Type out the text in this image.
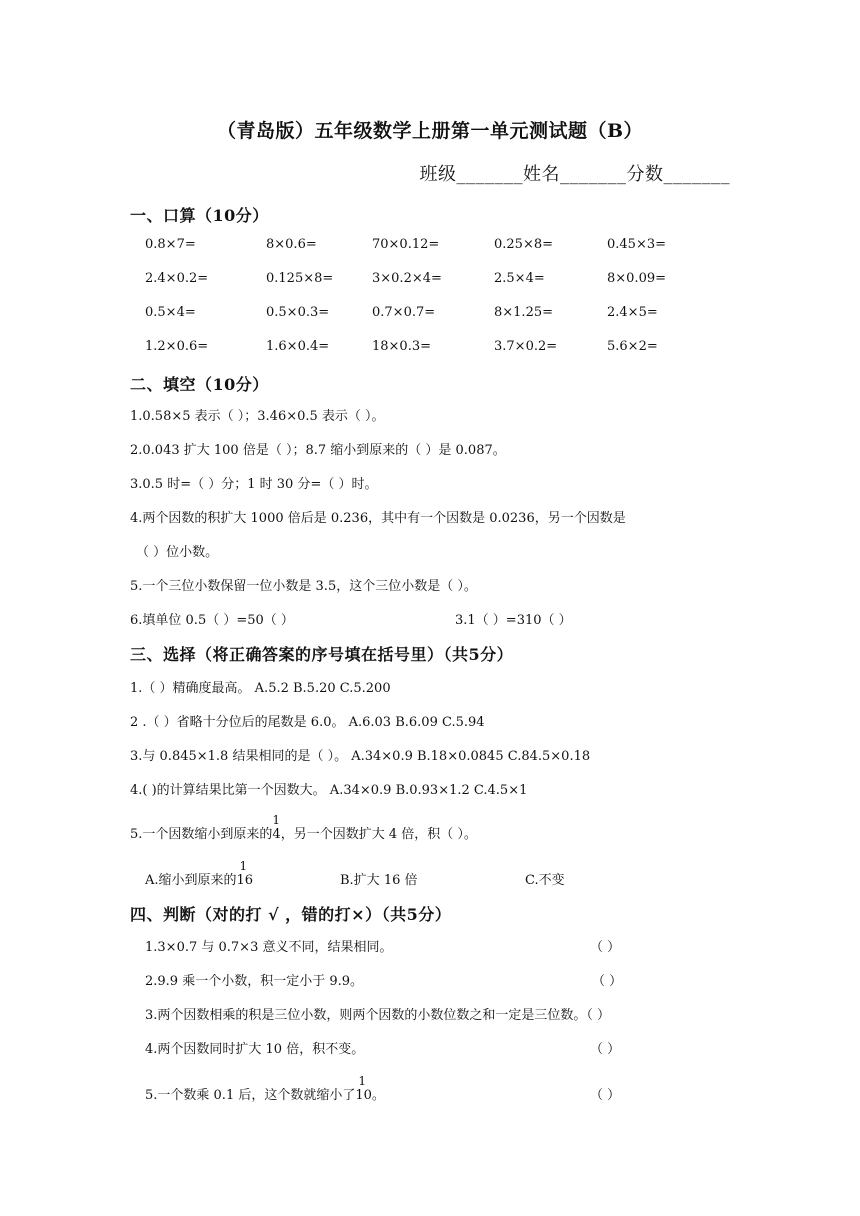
（青岛版）五年级数学上册第一单元测试题（B）
班级_______姓名_______分数_______
一、口算（10分）
0.8×7=	8×0.6=	70×0.12=	0.25×8=	0.45×3=
2.4×0.2=	0.125×8=	3×0.2×4=	2.5×4=	8×0.09=
0.5×4=	0.5×0.3=	0.7×0.7=	8×1.25=	2.4×5=
1.2×0.6=	1.6×0.4=	18×0.3=	3.7×0.2=	5.6×2=
二、填空（10分）
1.0.58×5 表示（ ）；3.46×0.5 表示（ ）。
2.0.043 扩大 100 倍是（ ）；8.7 缩小到原来的（ ）是 0.087。
3.0.5 时=（ ）分；1 时 30 分=（ ）时。
4.两个因数的积扩大 1000 倍后是 0.236，其中有一个因数是 0.0236，另一个因数是
（ ）位小数。
5.一个三位小数保留一位小数是 3.5，这个三位小数是（ ）。
6.填单位 0.5（ ）=50（ ）	3.1（ ）=310（ ）
三、选择（将正确答案的序号填在括号里）（共5分）
1.（ ）精确度最高。 A.5.2 B.5.20 C.5.200
2 .（ ）省略十分位后的尾数是 6.0。 A.6.03 B.6.09 C.5.94
3.与 0.845×1.8 结果相同的是（ ）。 A.34×0.9 B.18×0.0845 C.84.5×0.18
4.( )的计算结果比第一个因数大。 A.34×0.9 B.0.93×1.2 C.4.5×1
5.一个因数缩小到原来的
1
4，另一个因数扩大 4 倍，积（ ）。
A.缩小到原来的
1
16	B.扩大 16 倍	C.不变
四、判断（对的打 √ ，错的打×）（共5分）
1.3×0.7 与 0.7×3 意义不同，结果相同。	（ ）
2.9.9 乘一个小数，积一定小于 9.9。	（ ）
3.两个因数相乘的积是三位小数，则两个因数的小数位数之和一定是三位数。（ ）
4.两个因数同时扩大 10 倍，积不变。	（ ）
5.一个数乘 0.1 后，这个数就缩小了
1
10。	（ ）
